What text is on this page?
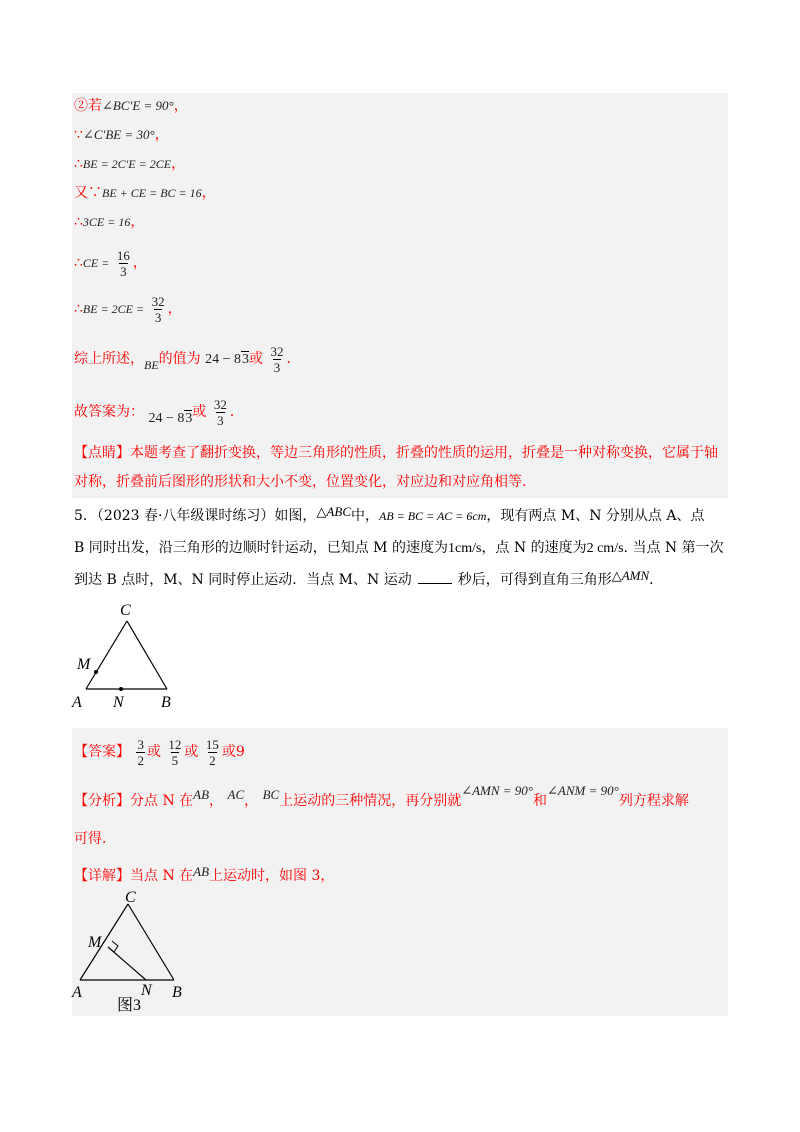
②若∠BC′E = 90°，
∵∠C′BE = 30°，
∴BE = 2C′E = 2CE，
又∵BE + CE = BC = 16，
∴3CE = 16，
∴CE = $\frac{16}{3}$ ，
∴BE = $2CE = \frac{32}{3}$ ，
综上所述，BE的值为 24 − 83或 $\frac{32}{3}$ ．
故答案为： 24 − 83或 $\frac{32}{3}$ ．
【点睛】本题考查了翻折变换，等边三角形的性质，折叠的性质的运用，折叠是一种对称变换，它属于轴
对称，折叠前后图形的形状和大小不变，位置变化，对应边和对应角相等.
5．（2023 春·八年级课时练习）如图，△ABC中，AB = BC = AC = 6cm，现有两点 M、N 分别从点 A、点
B 同时出发，沿三角形的边顺时针运动，已知点 M 的速度为1cm/s，点 N 的速度为2 cm/s. 当点 N 第一次
到达 B 点时，M、N 同时停止运动．当点 M、N 运动	秒后，可得到直角三角形△AMN．
C
M
A N B
【答案】 $\frac{3}{2}$ 或 $\frac{12}{5}$ 或 $\frac{15}{2}$ 或9
【分析】分点 N 在AB， AC， BC上运动的三种情况，再分别就∠AMN = 90°和∠ANM = 90°列方程求解
可得．
【详解】当点 N 在AB上运动时，如图 3，
C
M
A	N B
图3
